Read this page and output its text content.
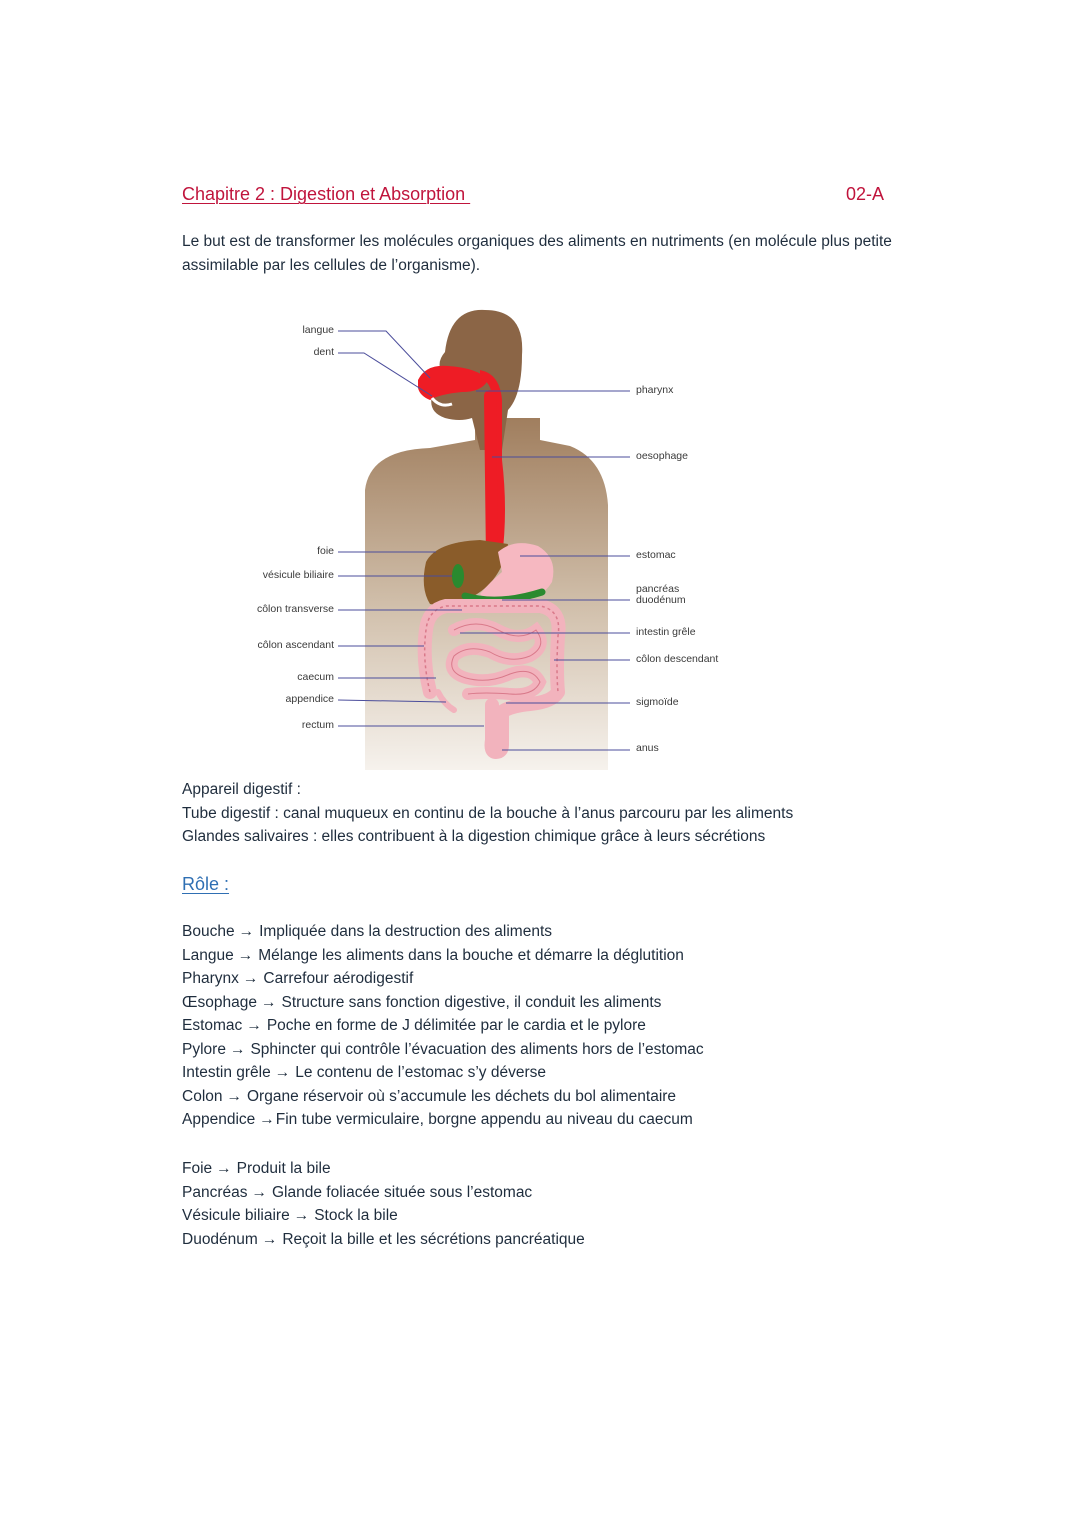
Chapitre 2 : Digestion et Absorption	02-A
Le but est de transformer les molécules organiques des aliments en nutriments (en molécule plus petite assimilable par les cellules de l’organisme).
langue
dent
foie
vésicule biliaire
côlon transverse
côlon ascendant
caecum
appendice
rectum
pharynx
oesophage
estomac
pancréas
duodénum
intestin grêle
côlon descendant
sigmoïde
anus
Appareil digestif :
Tube digestif : canal muqueux en continu de la bouche à l’anus parcouru par les aliments
Glandes salivaires : elles contribuent à la digestion chimique grâce à leurs sécrétions
Rôle :
Bouche → Impliquée dans la destruction des aliments
Langue → Mélange les aliments dans la bouche et démarre la déglutition
Pharynx → Carrefour aérodigestif
Œsophage → Structure sans fonction digestive, il conduit les aliments
Estomac → Poche en forme de J délimitée par le cardia et le pylore
Pylore → Sphincter qui contrôle l’évacuation des aliments hors de l’estomac
Intestin grêle → Le contenu de l’estomac s’y déverse
Colon → Organe réservoir où s’accumule les déchets du bol alimentaire
Appendice →Fin tube vermiculaire, borgne appendu au niveau du caecum
Foie → Produit la bile
Pancréas → Glande foliacée située sous l’estomac
Vésicule biliaire → Stock la bile
Duodénum → Reçoit la bille et les sécrétions pancréatique
